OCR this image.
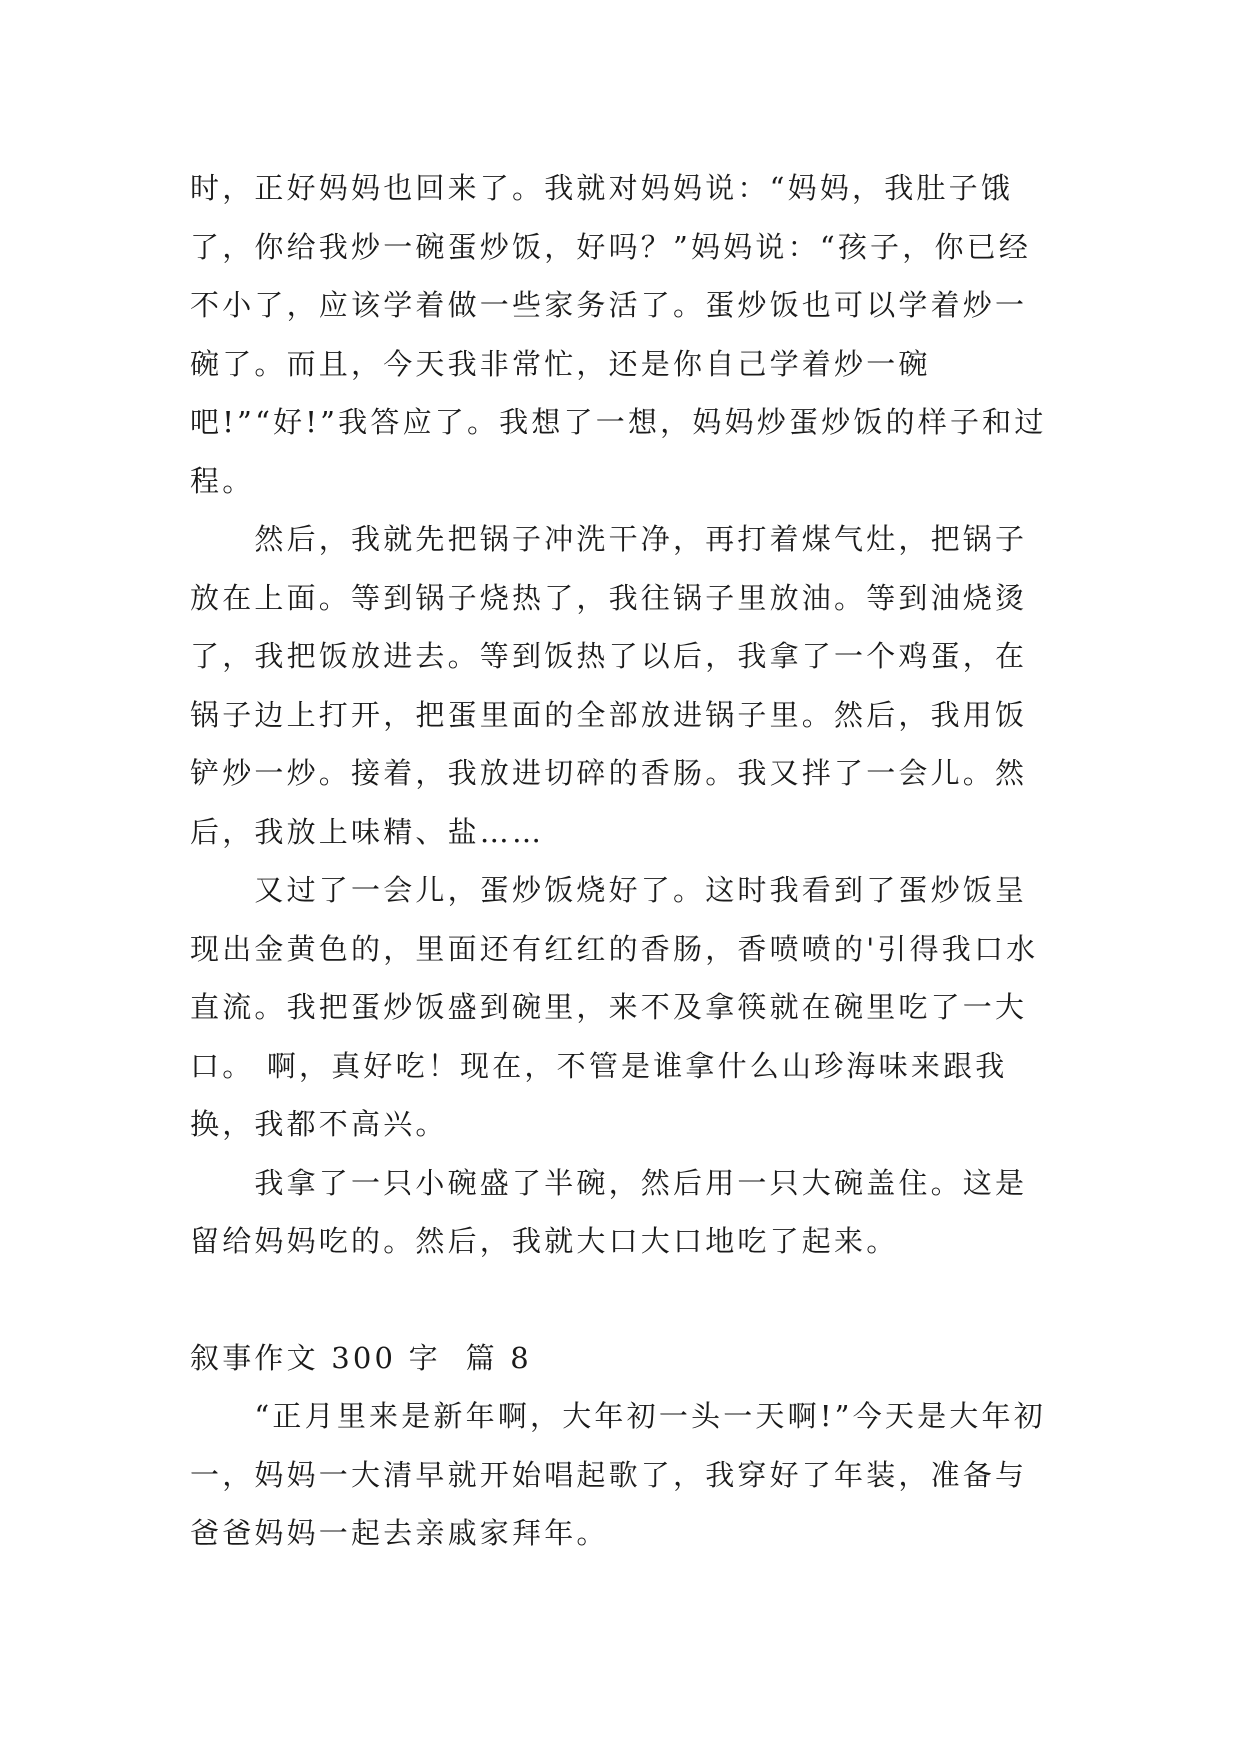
时，正好妈妈也回来了。我就对妈妈说：“妈妈，我肚子饿了，你给我炒一碗蛋炒饭，好吗？”妈妈说：“孩子，你已经不小了，应该学着做一些家务活了。蛋炒饭也可以学着炒一碗了。而且，今天我非常忙，还是你自己学着炒一碗吧!”“好!”我答应了。我想了一想，妈妈炒蛋炒饭的样子和过程。

　　然后，我就先把锅子冲洗干净，再打着煤气灶，把锅子放在上面。等到锅子烧热了，我往锅子里放油。等到油烧烫了，我把饭放进去。等到饭热了以后，我拿了一个鸡蛋，在锅子边上打开，把蛋里面的全部放进锅子里。然后，我用饭铲炒一炒。接着，我放进切碎的香肠。我又拌了一会儿。然后，我放上味精、盐……

　　又过了一会儿，蛋炒饭烧好了。这时我看到了蛋炒饭呈现出金黄色的，里面还有红红的香肠，香喷喷的'引得我口水直流。我把蛋炒饭盛到碗里，来不及拿筷就在碗里吃了一大口。 啊，真好吃！现在，不管是谁拿什么山珍海味来跟我换，我都不高兴。

　　我拿了一只小碗盛了半碗，然后用一只大碗盖住。这是留给妈妈吃的。然后，我就大口大口地吃了起来。

叙事作文 300 字  篇 8

　　“正月里来是新年啊，大年初一头一天啊!”今天是大年初一，妈妈一大清早就开始唱起歌了，我穿好了年装，准备与爸爸妈妈一起去亲戚家拜年。
